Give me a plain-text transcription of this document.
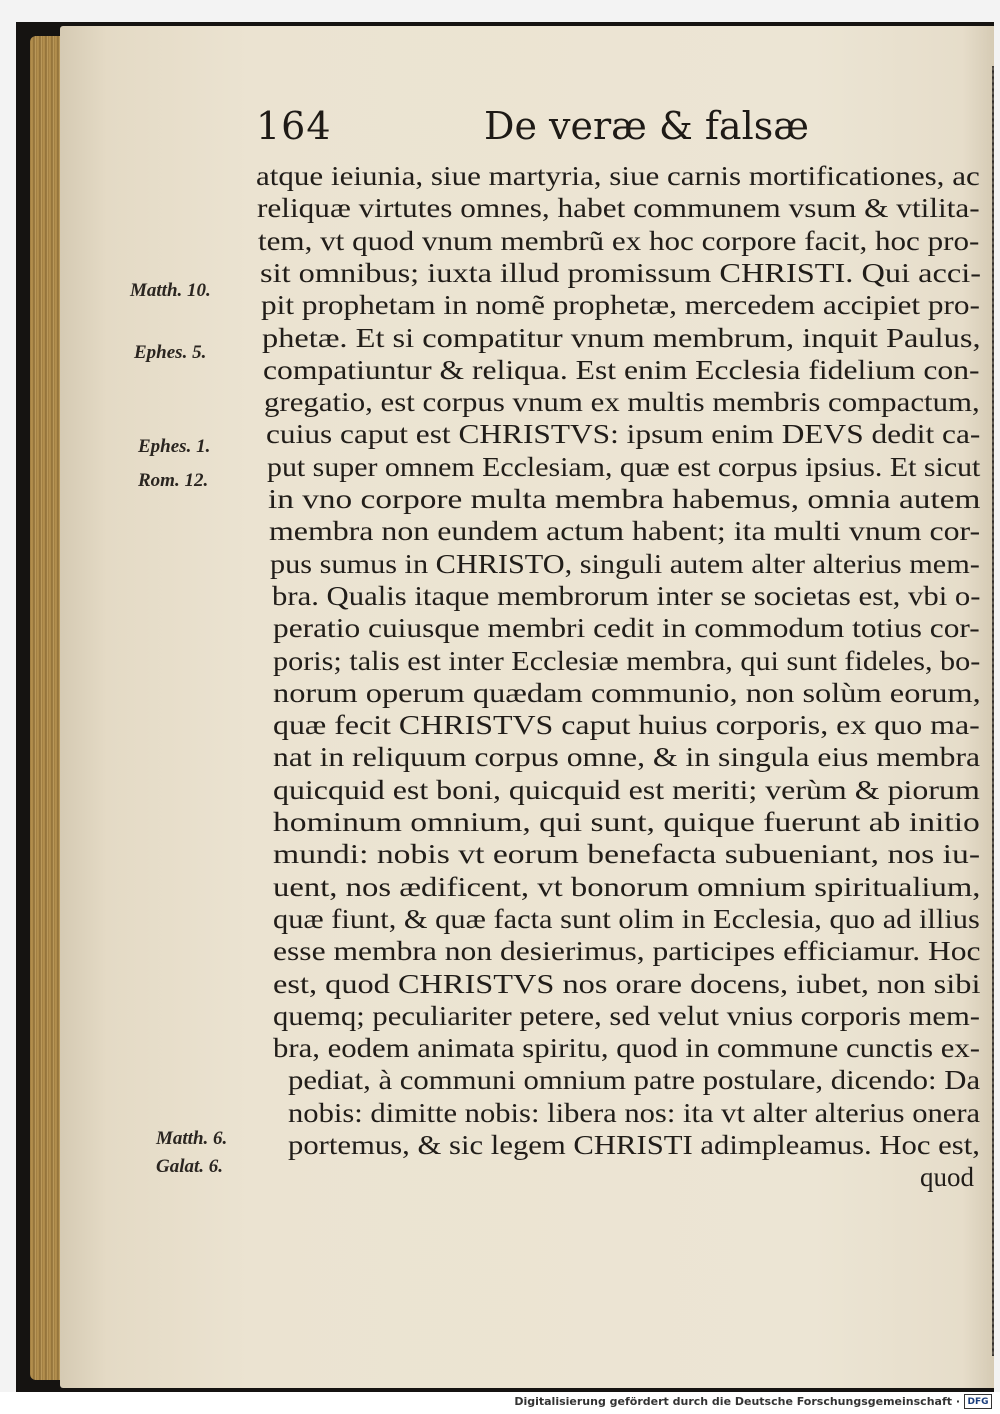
164	De veræ & falsæ
atque ieiunia, siue martyria, siue carnis mortificationes, ac
reliquæ virtutes omnes, habet communem vsum & vtilita-
tem, vt quod vnum membrũ ex hoc corpore facit, hoc pro-
sit omnibus; iuxta illud promissum CHRISTI. Qui acci-
pit prophetam in nomẽ prophetæ, mercedem accipiet pro-
phetæ. Et si compatitur vnum membrum, inquit Paulus,
compatiuntur & reliqua. Est enim Ecclesia fidelium con-
gregatio, est corpus vnum ex multis membris compactum,
cuius caput est CHRISTVS: ipsum enim DEVS dedit ca-
put super omnem Ecclesiam, quæ est corpus ipsius. Et sicut
in vno corpore multa membra habemus, omnia autem
membra non eundem actum habent; ita multi vnum cor-
pus sumus in CHRISTO, singuli autem alter alterius mem-
bra. Qualis itaque membrorum inter se societas est, vbi o-
peratio cuiusque membri cedit in commodum totius cor-
poris; talis est inter Ecclesiæ membra, qui sunt fideles, bo-
norum operum quædam communio, non solùm eorum,
quæ fecit CHRISTVS caput huius corporis, ex quo ma-
nat in reliquum corpus omne, & in singula eius membra
quicquid est boni, quicquid est meriti; verùm & piorum
hominum omnium, qui sunt, quique fuerunt ab initio
mundi: nobis vt eorum benefacta subueniant, nos iu-
uent, nos ædificent, vt bonorum omnium spiritualium,
quæ fiunt, & quæ facta sunt olim in Ecclesia, quo ad illius
esse membra non desierimus, participes efficiamur. Hoc
est, quod CHRISTVS nos orare docens, iubet, non sibi
quemq; peculiariter petere, sed velut vnius corporis mem-
bra, eodem animata spiritu, quod in commune cunctis ex-
pediat, à communi omnium patre postulare, dicendo: Da
nobis: dimitte nobis: libera nos: ita vt alter alterius onera
portemus, & sic legem CHRISTI adimpleamus. Hoc est,
quod
Matth. 10.
Ephes. 5.
Ephes. 1.
Rom. 12.
Matth. 6.
Galat. 6.
Digitalisierung gefördert durch die Deutsche Forschungsgemeinschaft · DFG
